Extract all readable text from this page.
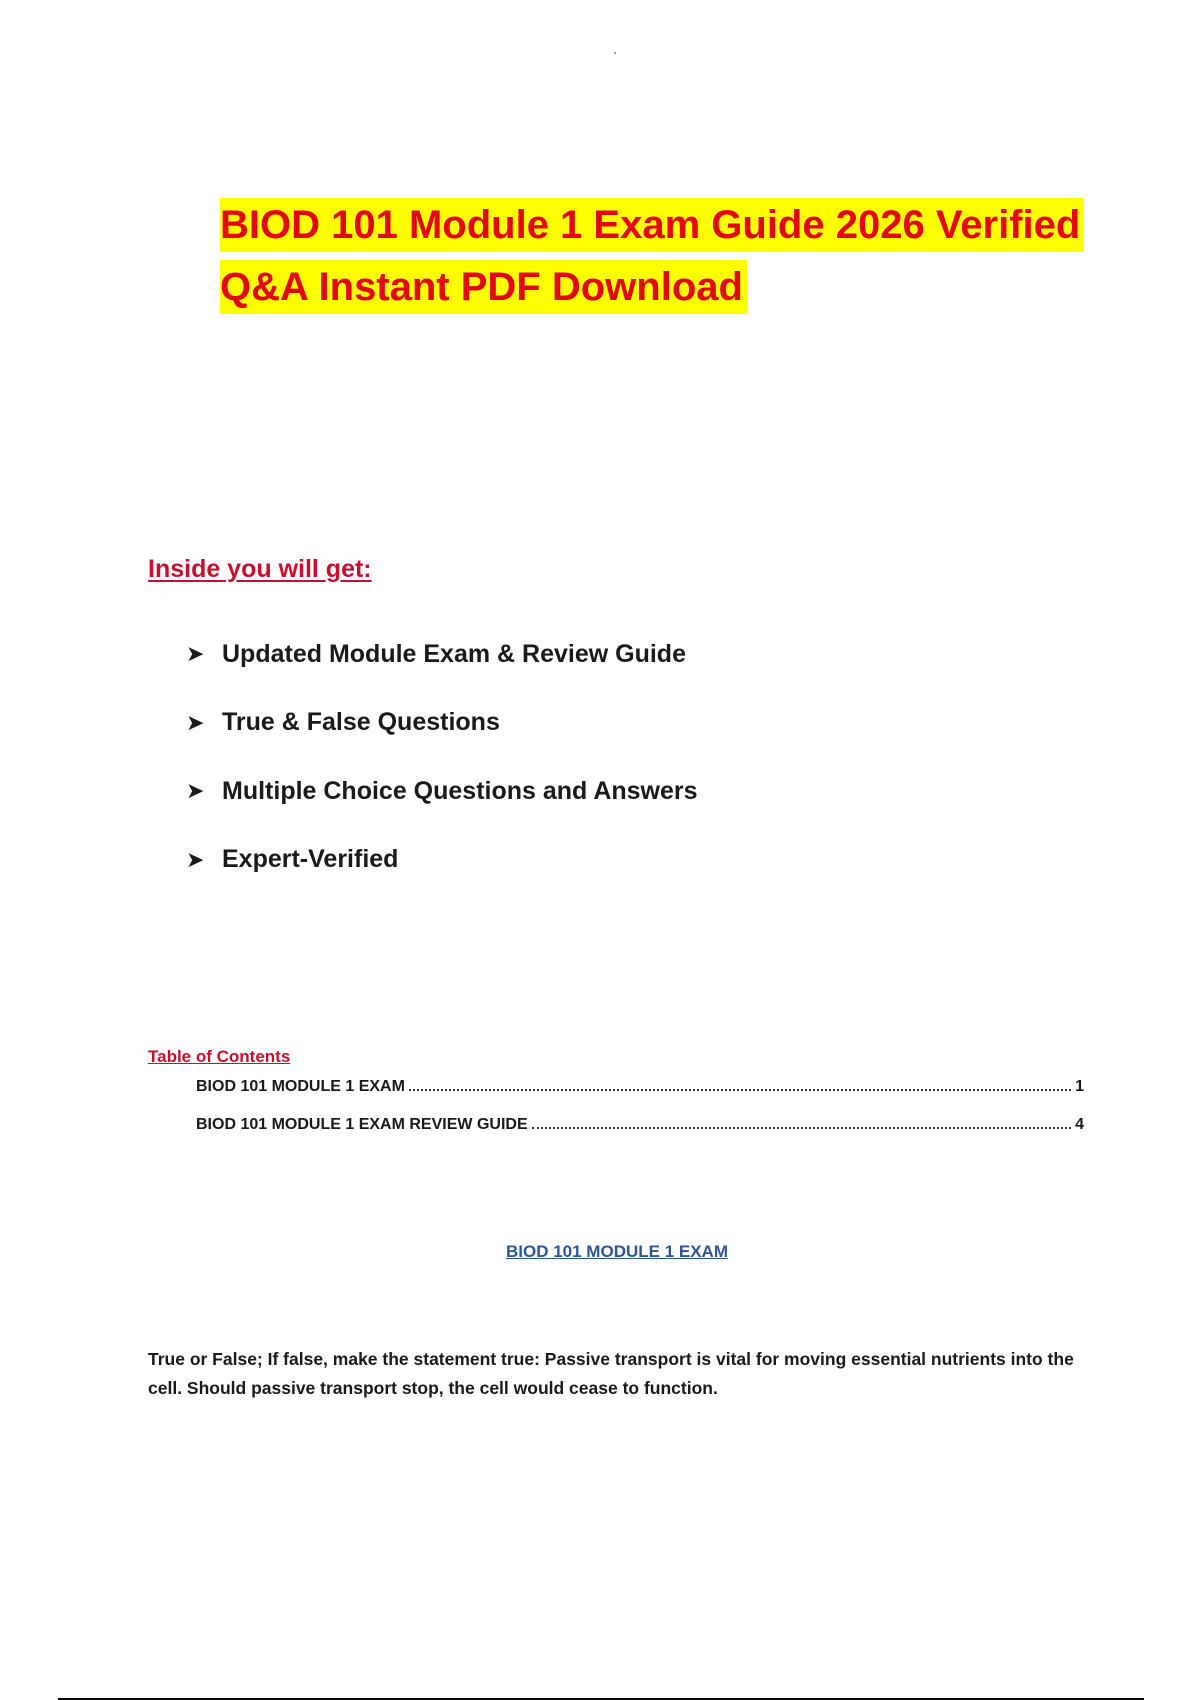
BIOD 101 Module 1 Exam Guide 2026 Verified
Q&A Instant PDF Download
Inside you will get:
➤ Updated Module Exam & Review Guide
➤ True & False Questions
➤ Multiple Choice Questions and Answers
➤ Expert-Verified
Table of Contents
BIOD 101 MODULE 1 EXAM	1
BIOD 101 MODULE 1 EXAM REVIEW GUIDE	4
BIOD 101 MODULE 1 EXAM
True or False; If false, make the statement true: Passive transport is vital for moving essential nutrients into the cell. Should passive transport stop, the cell would cease to function.
